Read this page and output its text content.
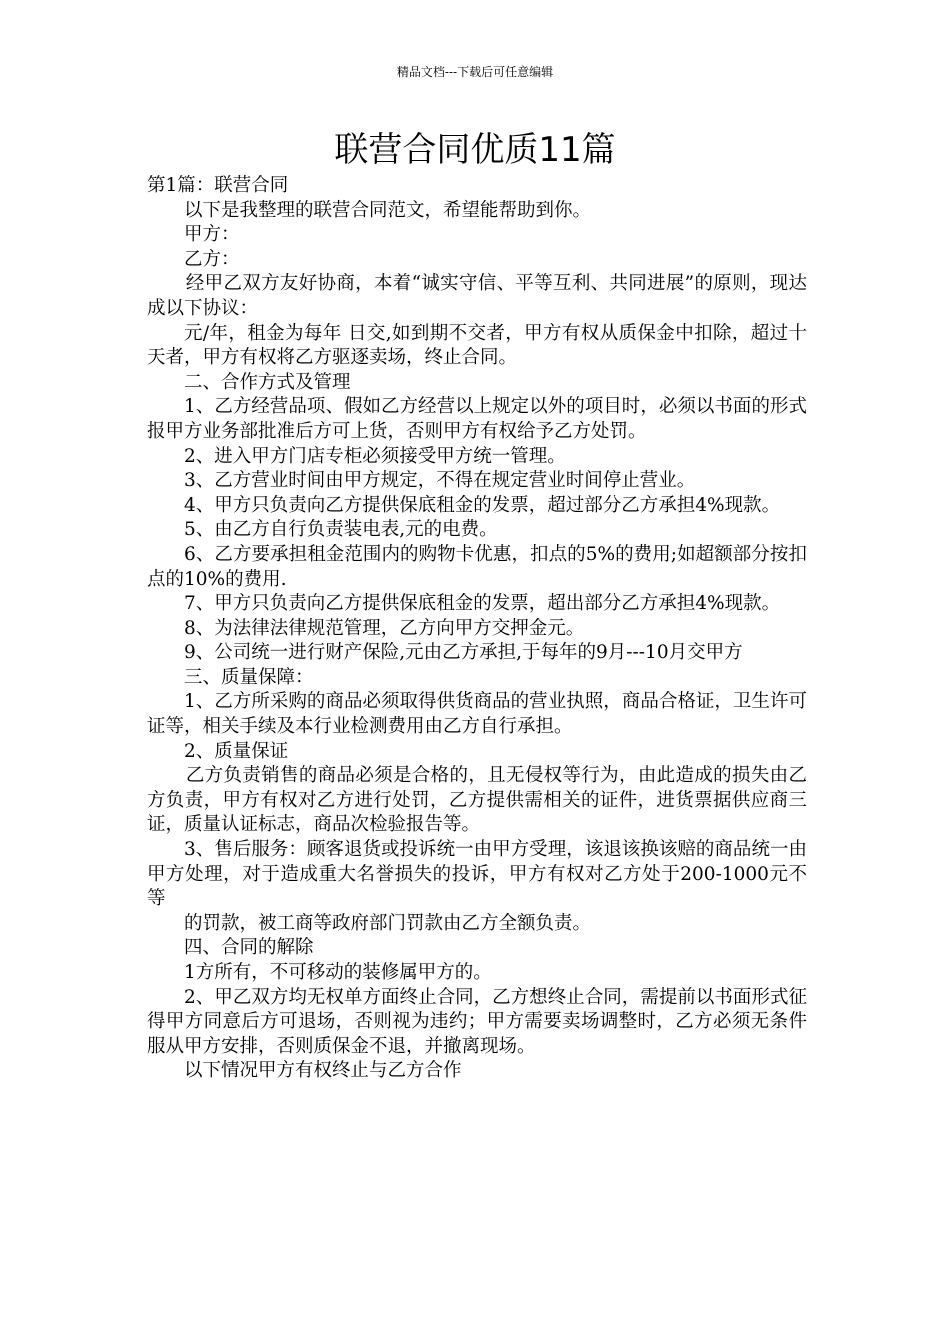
精品文档---下载后可任意编辑
联营合同优质11篇

第1篇：联营合同

以下是我整理的联营合同范文，希望能帮助到你。

甲方：

乙方：

经甲乙双方友好协商，本着“诚实守信、平等互利、共同进展”的原则，现达成以下协议：

元/年，租金为每年 日交,如到期不交者，甲方有权从质保金中扣除，超过十天者，甲方有权将乙方驱逐卖场，终止合同。

二、合作方式及管理

1、乙方经营品项、假如乙方经营以上规定以外的项目时，必须以书面的形式报甲方业务部批准后方可上货，否则甲方有权给予乙方处罚。

2、进入甲方门店专柜必须接受甲方统一管理。

3、乙方营业时间由甲方规定，不得在规定营业时间停止营业。

4、甲方只负责向乙方提供保底租金的发票，超过部分乙方承担4%现款。

5、由乙方自行负责装电表,元的电费。

6、乙方要承担租金范围内的购物卡优惠，扣点的5%的费用;如超额部分按扣点的10%的费用.

7、甲方只负责向乙方提供保底租金的发票，超出部分乙方承担4%现款。

8、为法律法律规范管理，乙方向甲方交押金元。

9、公司统一进行财产保险,元由乙方承担,于每年的9月---10月交甲方

三、质量保障：

1、乙方所采购的商品必须取得供货商品的营业执照，商品合格证，卫生许可证等，相关手续及本行业检测费用由乙方自行承担。

2、质量保证

乙方负责销售的商品必须是合格的，且无侵权等行为，由此造成的损失由乙方负责，甲方有权对乙方进行处罚，乙方提供需相关的证件，进货票据供应商三证，质量认证标志，商品次检验报告等。

3、售后服务：顾客退货或投诉统一由甲方受理，该退该换该赔的商品统一由甲方处理，对于造成重大名誉损失的投诉，甲方有权对乙方处于200-1000元不等

的罚款，被工商等政府部门罚款由乙方全额负责。

四、合同的解除

1方所有，不可移动的装修属甲方的。

2、甲乙双方均无权单方面终止合同，乙方想终止合同，需提前以书面形式征得甲方同意后方可退场，否则视为违约；甲方需要卖场调整时，乙方必须无条件服从甲方安排，否则质保金不退，并撤离现场。

以下情况甲方有权终止与乙方合作
